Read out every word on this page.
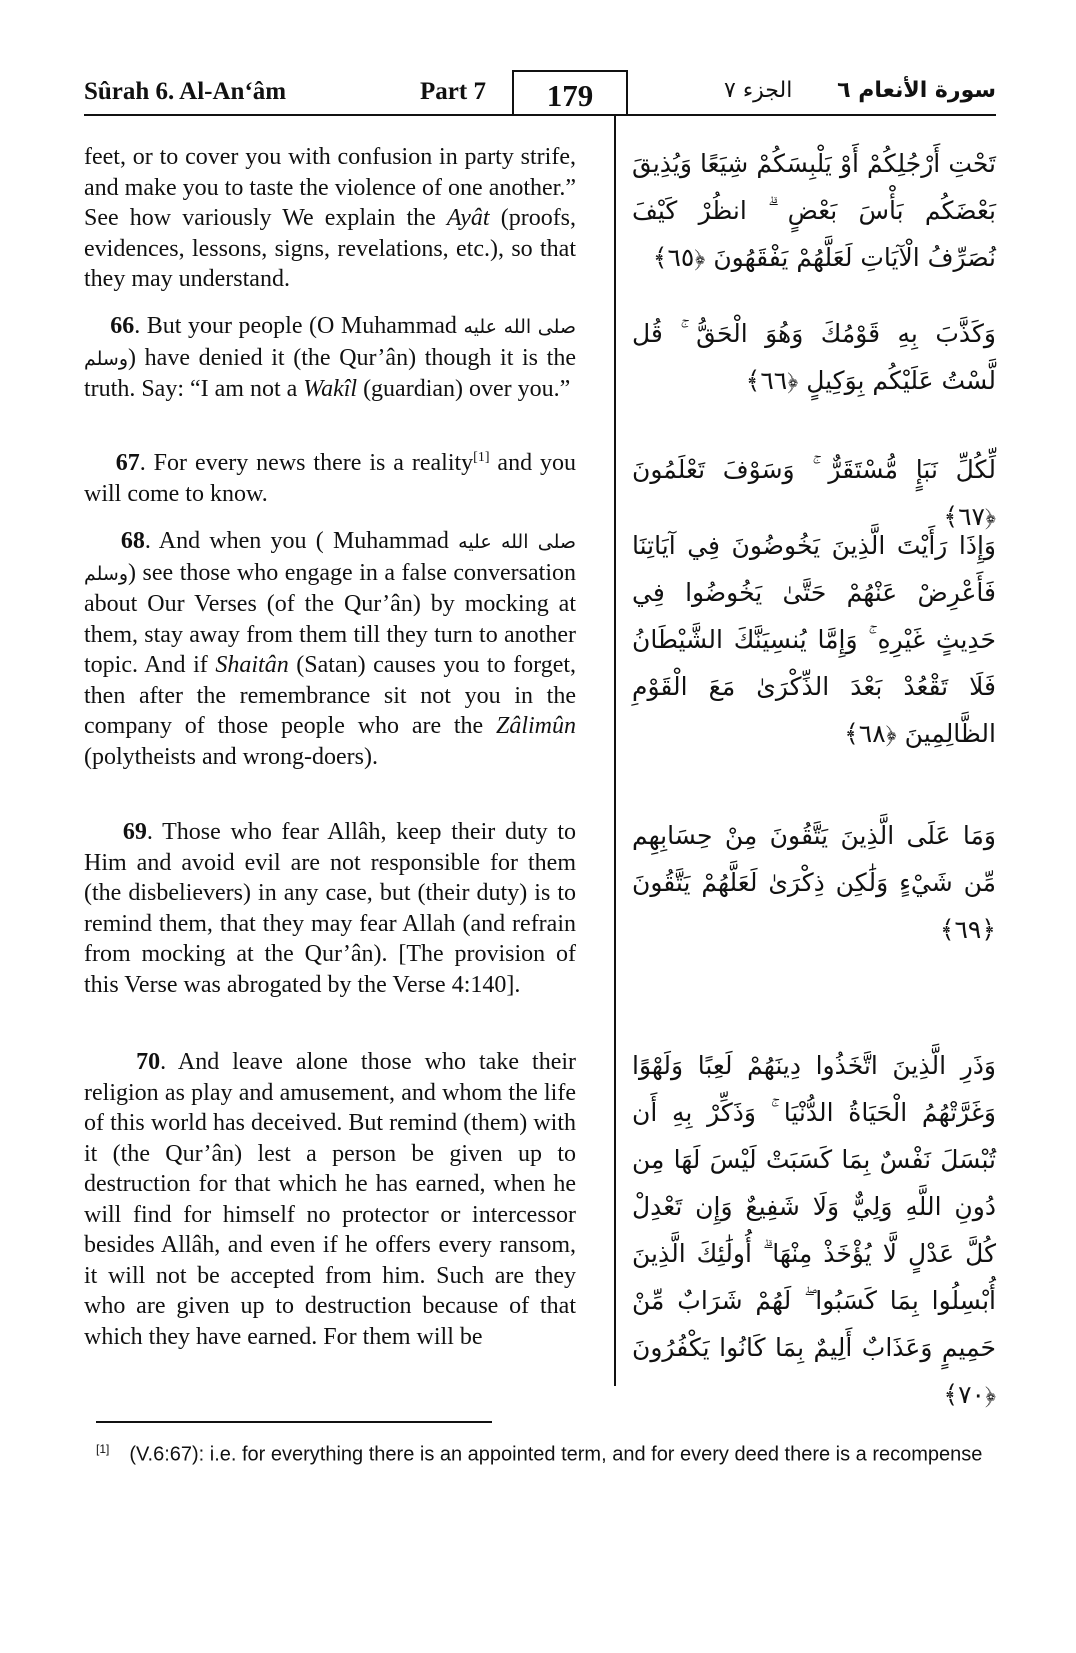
Sûrah 6. Al-An‘âm	Part 7	179	الجزء ٧ سورة الأنعام ٦
feet, or to cover you with confusion in party strife, and make you to taste the violence of one another.” See how variously We explain the Ayât (proofs, evidences, lessons, signs, revelations, etc.), so that they may understand.
66. But your people (O Muhammad صلى الله عليه وسلم) have denied it (the Qur’ân) though it is the truth. Say: “I am not a Wakîl (guardian) over you.”
67. For every news there is a reality[1] and you will come to know.
68. And when you ( Muhammad صلى الله عليه وسلم) see those who engage in a false conversation about Our Verses (of the Qur’ân) by mocking at them, stay away from them till they turn to another topic. And if Shaitân (Satan) causes you to forget, then after the remembrance sit not you in the company of those people who are the Zâlimûn (polytheists and wrong-doers).
69. Those who fear Allâh, keep their duty to Him and avoid evil are not responsible for them (the disbelievers) in any case, but (their duty) is to remind them, that they may fear Allah (and refrain from mocking at the Qur’ân). [The provision of this Verse was abrogated by the Verse 4:140].
70. And leave alone those who take their religion as play and amusement, and whom the life of this world has deceived. But remind (them) with it (the Qur’ân) lest a person be given up to destruction for that which he has earned, when he will find for himself no protector or intercessor besides Allâh, and even if he offers every ransom, it will not be accepted from him. Such are they who are given up to destruction because of that which they have earned. For them will be
تَحْتِ أَرْجُلِكُمْ أَوْ يَلْبِسَكُمْ شِيَعًا وَيُذِيقَ بَعْضَكُم بَأْسَ بَعْضٍ ۗ انظُرْ كَيْفَ نُصَرِّفُ الْآيَاتِ لَعَلَّهُمْ يَفْقَهُونَ ﴿٦٥﴾
وَكَذَّبَ بِهِ قَوْمُكَ وَهُوَ الْحَقُّ ۚ قُل لَّسْتُ عَلَيْكُم بِوَكِيلٍ ﴿٦٦﴾
لِّكُلِّ نَبَإٍ مُّسْتَقَرٌّ ۚ وَسَوْفَ تَعْلَمُونَ ﴿٦٧﴾
وَإِذَا رَأَيْتَ الَّذِينَ يَخُوضُونَ فِي آيَاتِنَا فَأَعْرِضْ عَنْهُمْ حَتَّىٰ يَخُوضُوا فِي حَدِيثٍ غَيْرِهِ ۚ وَإِمَّا يُنسِيَنَّكَ الشَّيْطَانُ فَلَا تَقْعُدْ بَعْدَ الذِّكْرَىٰ مَعَ الْقَوْمِ الظَّالِمِينَ ﴿٦٨﴾
وَمَا عَلَى الَّذِينَ يَتَّقُونَ مِنْ حِسَابِهِم مِّن شَيْءٍ وَلَٰكِن ذِكْرَىٰ لَعَلَّهُمْ يَتَّقُونَ ﴿٦٩﴾
وَذَرِ الَّذِينَ اتَّخَذُوا دِينَهُمْ لَعِبًا وَلَهْوًا وَغَرَّتْهُمُ الْحَيَاةُ الدُّنْيَا ۚ وَذَكِّرْ بِهِ أَن تُبْسَلَ نَفْسٌ بِمَا كَسَبَتْ لَيْسَ لَهَا مِن دُونِ اللَّهِ وَلِيٌّ وَلَا شَفِيعٌ وَإِن تَعْدِلْ كُلَّ عَدْلٍ لَّا يُؤْخَذْ مِنْهَا ۗ أُولَٰئِكَ الَّذِينَ أُبْسِلُوا بِمَا كَسَبُوا ۖ لَهُمْ شَرَابٌ مِّنْ حَمِيمٍ وَعَذَابٌ أَلِيمٌ بِمَا كَانُوا يَكْفُرُونَ ﴿٧٠﴾
[1] (V.6:67): i.e. for everything there is an appointed term, and for every deed there is a recompense
